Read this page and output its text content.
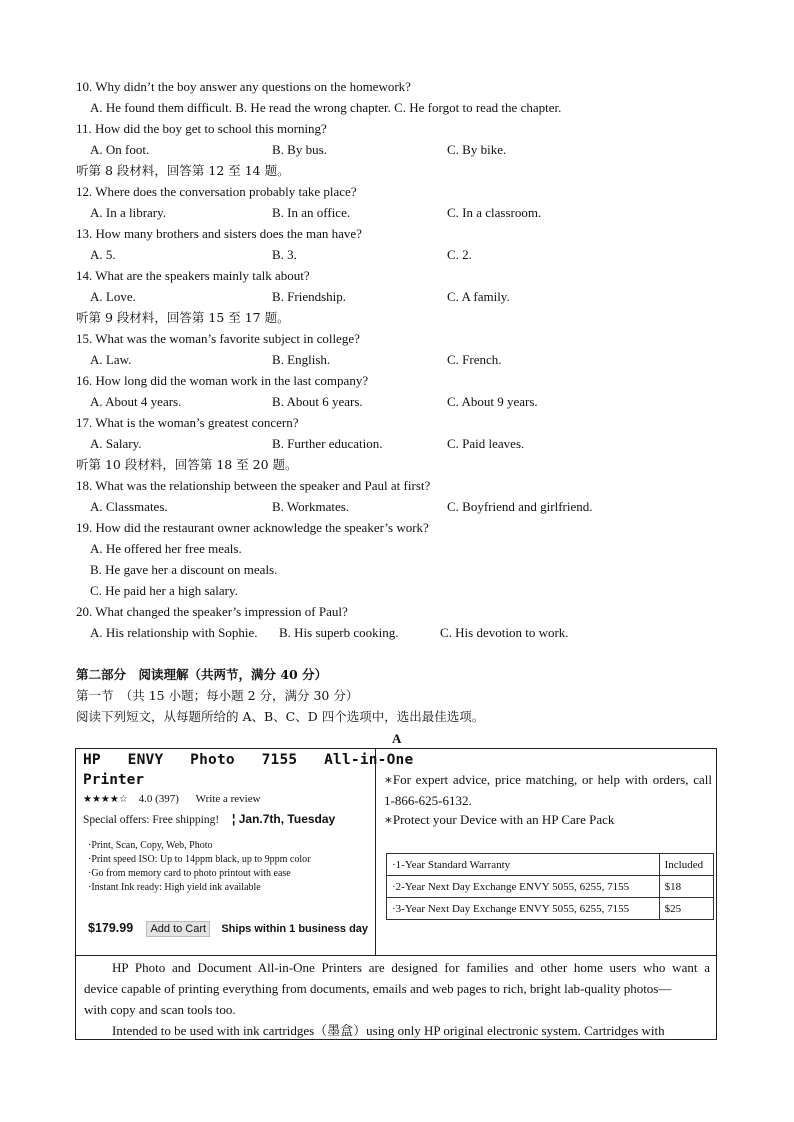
10. Why didn’t the boy answer any questions on the homework?
A. He found them difficult. B. He read the wrong chapter. C. He forgot to read the chapter.
11. How did the boy get to school this morning?
A. On foot.	B. By bus.	C. By bike.
听第 8 段材料，回答第 12 至 14 题。
12. Where does the conversation probably take place?
A. In a library.	B. In an office.	C. In a classroom.
13. How many brothers and sisters does the man have?
A. 5.	B. 3.	C. 2.
14. What are the speakers mainly talk about?
A. Love.	B. Friendship.	C. A family.
听第 9 段材料，回答第 15 至 17 题。
15. What was the woman’s favorite subject in college?
A. Law.	B. English.	C. French.
16. How long did the woman work in the last company?
A. About 4 years.	B. About 6 years.	C. About 9 years.
17. What is the woman’s greatest concern?
A. Salary.	B. Further education.	C. Paid leaves.
听第 10 段材料，回答第 18 至 20 题。
18. What was the relationship between the speaker and Paul at first?
A. Classmates.	B. Workmates.	C. Boyfriend and girlfriend.
19. How did the restaurant owner acknowledge the speaker’s work?
A. He offered her free meals.
B. He gave her a discount on meals.
C. He paid her a high salary.
20. What changed the speaker’s impression of Paul?
A. His relationship with Sophie. B. His superb cooking.	C. His devotion to work.
第二部分　阅读理解（共两节，满分 40 分）
第一节　（共 15 小题；每小题 2 分，满分 30 分）
阅读下列短文，从每题所给的 A、B、C、D 四个选项中，选出最佳选项。
A
HP   ENVY   Photo   7155   All-in-One
Printer
★★★★☆ 4.0 (397) Write a review
Special offers: Free shipping! ¦ Jan.7th, Tuesday
·Print, Scan, Copy, Web, Photo
·Print speed ISO: Up to 14ppm black, up to 9ppm color
·Go from memory card to photo printout with ease
·Instant Ink ready: High yield ink available
$179.99 Add to Cart Ships within 1 business day
∗For expert advice, price matching, or help with orders, call 1-866-625-6132.
∗Protect your Device with an HP Care Pack
·1-Year Standard Warranty	Included
·2-Year Next Day Exchange ENVY 5055, 6255, 7155	$18
·3-Year Next Day Exchange ENVY 5055, 6255, 7155	$25
HP Photo and Document All-in-One Printers are designed for families and other home users who want a
device capable of printing everything from documents, emails and web pages to rich, bright lab-quality photos—
with copy and scan tools too.
Intended to be used with ink cartridges（墨盒）using only HP original electronic system. Cartridges with
